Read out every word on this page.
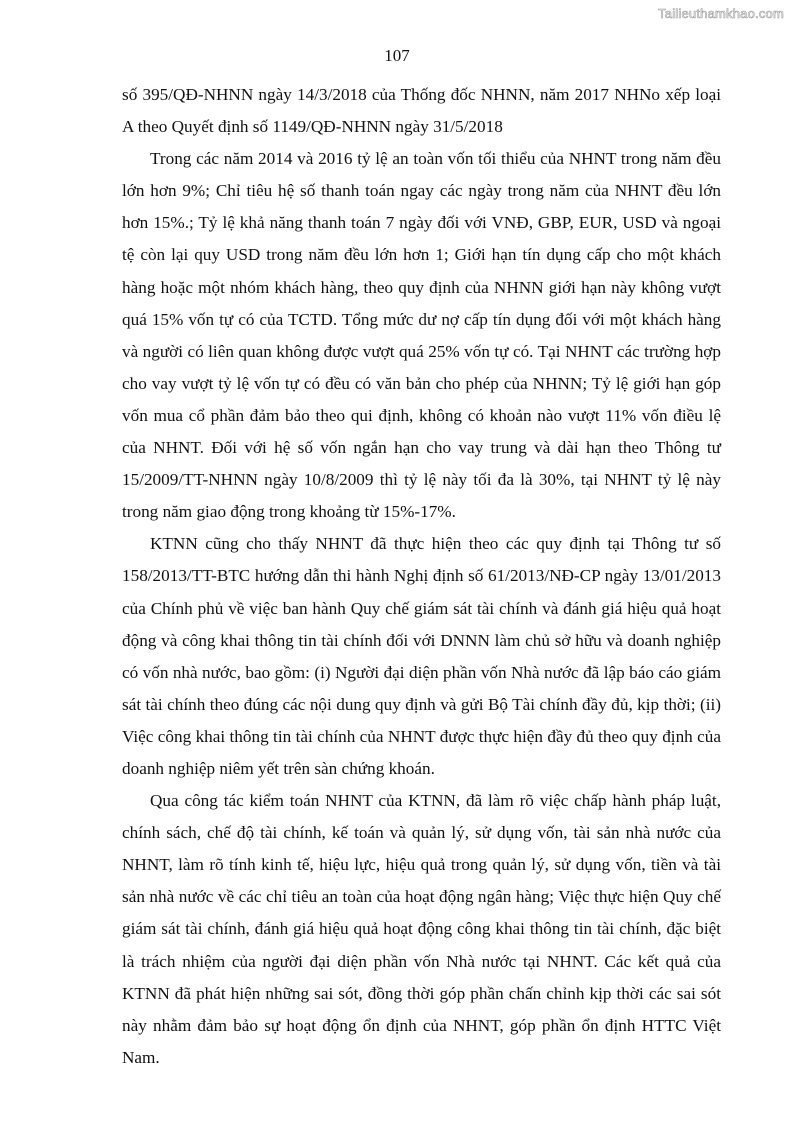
Tailieuthamkhao.com
107

số 395/QĐ-NHNN ngày 14/3/2018 của Thống đốc NHNN, năm 2017 NHNo xếp loại A theo Quyết định số 1149/QĐ-NHNN ngày 31/5/2018

Trong các năm 2014 và 2016 tỷ lệ an toàn vốn tối thiểu của NHNT trong năm đều lớn hơn 9%; Chỉ tiêu hệ số thanh toán ngay các ngày trong năm của NHNT đều lớn hơn 15%.; Tỷ lệ khả năng thanh toán 7 ngày đối với VNĐ, GBP, EUR, USD và ngoại tệ còn lại quy USD trong năm đều lớn hơn 1; Giới hạn tín dụng cấp cho một khách hàng hoặc một nhóm khách hàng, theo quy định của NHNN giới hạn này không vượt quá 15% vốn tự có của TCTD. Tổng mức dư nợ cấp tín dụng đối với một khách hàng và người có liên quan không được vượt quá 25% vốn tự có. Tại NHNT các trường hợp cho vay vượt tỷ lệ vốn tự có đều có văn bản cho phép của NHNN; Tỷ lệ giới hạn góp vốn mua cổ phần đảm bảo theo qui định, không có khoản nào vượt 11% vốn điều lệ của NHNT. Đối với hệ số vốn ngắn hạn cho vay trung và dài hạn theo Thông tư 15/2009/TT-NHNN ngày 10/8/2009 thì tỷ lệ này tối đa là 30%, tại NHNT tỷ lệ này trong năm giao động trong khoảng từ 15%-17%.

KTNN cũng cho thấy NHNT đã thực hiện theo các quy định tại Thông tư số 158/2013/TT-BTC hướng dẫn thi hành Nghị định số 61/2013/NĐ-CP ngày 13/01/2013 của Chính phủ về việc ban hành Quy chế giám sát tài chính và đánh giá hiệu quả hoạt động và công khai thông tin tài chính đối với DNNN làm chủ sở hữu và doanh nghiệp có vốn nhà nước, bao gồm: (i) Người đại diện phần vốn Nhà nước đã lập báo cáo giám sát tài chính theo đúng các nội dung quy định và gửi Bộ Tài chính đầy đủ, kịp thời; (ii) Việc công khai thông tin tài chính của NHNT được thực hiện đầy đủ theo quy định của doanh nghiệp niêm yết trên sàn chứng khoán.

Qua công tác kiểm toán NHNT của KTNN, đã làm rõ việc chấp hành pháp luật, chính sách, chế độ tài chính, kế toán và quản lý, sử dụng vốn, tài sản nhà nước của NHNT, làm rõ tính kinh tế, hiệu lực, hiệu quả trong quản lý, sử dụng vốn, tiền và tài sản nhà nước về các chỉ tiêu an toàn của hoạt động ngân hàng; Việc thực hiện Quy chế giám sát tài chính, đánh giá hiệu quả hoạt động công khai thông tin tài chính, đặc biệt là trách nhiệm của người đại diện phần vốn Nhà nước tại NHNT. Các kết quả của KTNN đã phát hiện những sai sót, đồng thời góp phần chấn chỉnh kịp thời các sai sót này nhằm đảm bảo sự hoạt động ổn định của NHNT, góp phần ổn định HTTC Việt Nam.
